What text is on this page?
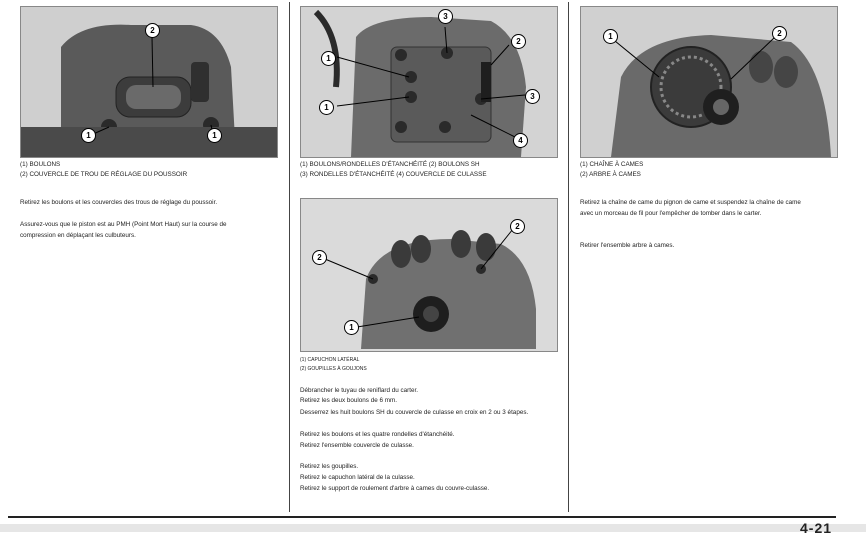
1
2
1
(1) BOULONS
(2) COUVERCLE DE TROU DE RÉGLAGE DU POUSSOIR
Retirez les boulons et les couvercles des trous de réglage du poussoir.
Assurez-vous que le piston est au PMH (Point Mort Haut) sur la course de
compression en déplaçant les culbuteurs.
3
2
1
3
1
4
(1) BOULONS/RONDELLES D'ÉTANCHÉITÉ (2) BOULONS SH
(3) RONDELLES D'ÉTANCHÉITÉ (4) COUVERCLE DE CULASSE
2
2
1
(1) CAPUCHON LATÉRAL
(2) GOUPILLES À GOUJONS
Débrancher le tuyau de reniflard du carter.
Retirez les deux boulons de 6 mm.
Desserrez les huit boulons SH du couvercle de culasse en croix en 2 ou 3 étapes.
Retirez les boulons et les quatre rondelles d'étanchéité.
Retirez l'ensemble couvercle de culasse.
Retirez les goupilles.
Retirez le capuchon latéral de la culasse.
Retirez le support de roulement d'arbre à cames du couvre-culasse.
1	2
(1) CHAÎNE À CAMES
(2) ARBRE À CAMES
Retirez la chaîne de came du pignon de came et suspendez la chaîne de came
avec un morceau de fil pour l'empêcher de tomber dans le carter.
Retirer l'ensemble arbre à cames.
4-21
